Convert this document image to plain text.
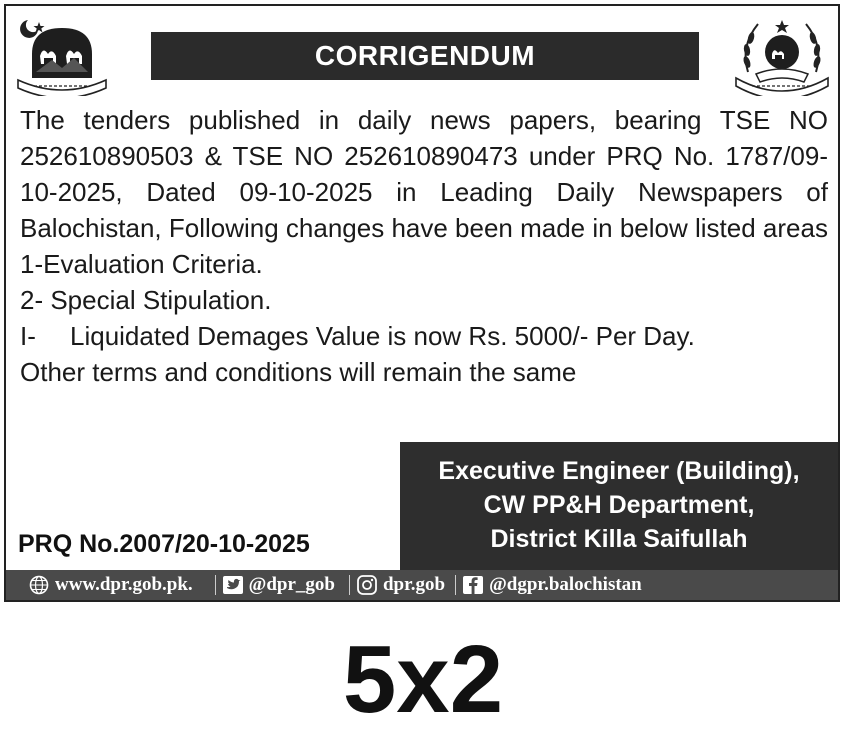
CORRIGENDUM

The tenders published in daily news papers, bearing TSE NO 252610890503 & TSE NO 252610890473 under PRQ No. 1787/09-10-2025, Dated 09-10-2025 in Leading Daily Newspapers of Balochistan, Following changes have been made in below listed areas

1-Evaluation Criteria.

2- Special Stipulation.

I- Liquidated Demages Value is now Rs. 5000/- Per Day.

Other terms and conditions will remain the same

Executive Engineer (Building),
CW PP&H Department,
District Killa Saifullah
PRQ No.2007/20-10-2025
www.dpr.gob.pk.	@dpr_gob	dpr.gob @dgpr.balochistan
5x2
